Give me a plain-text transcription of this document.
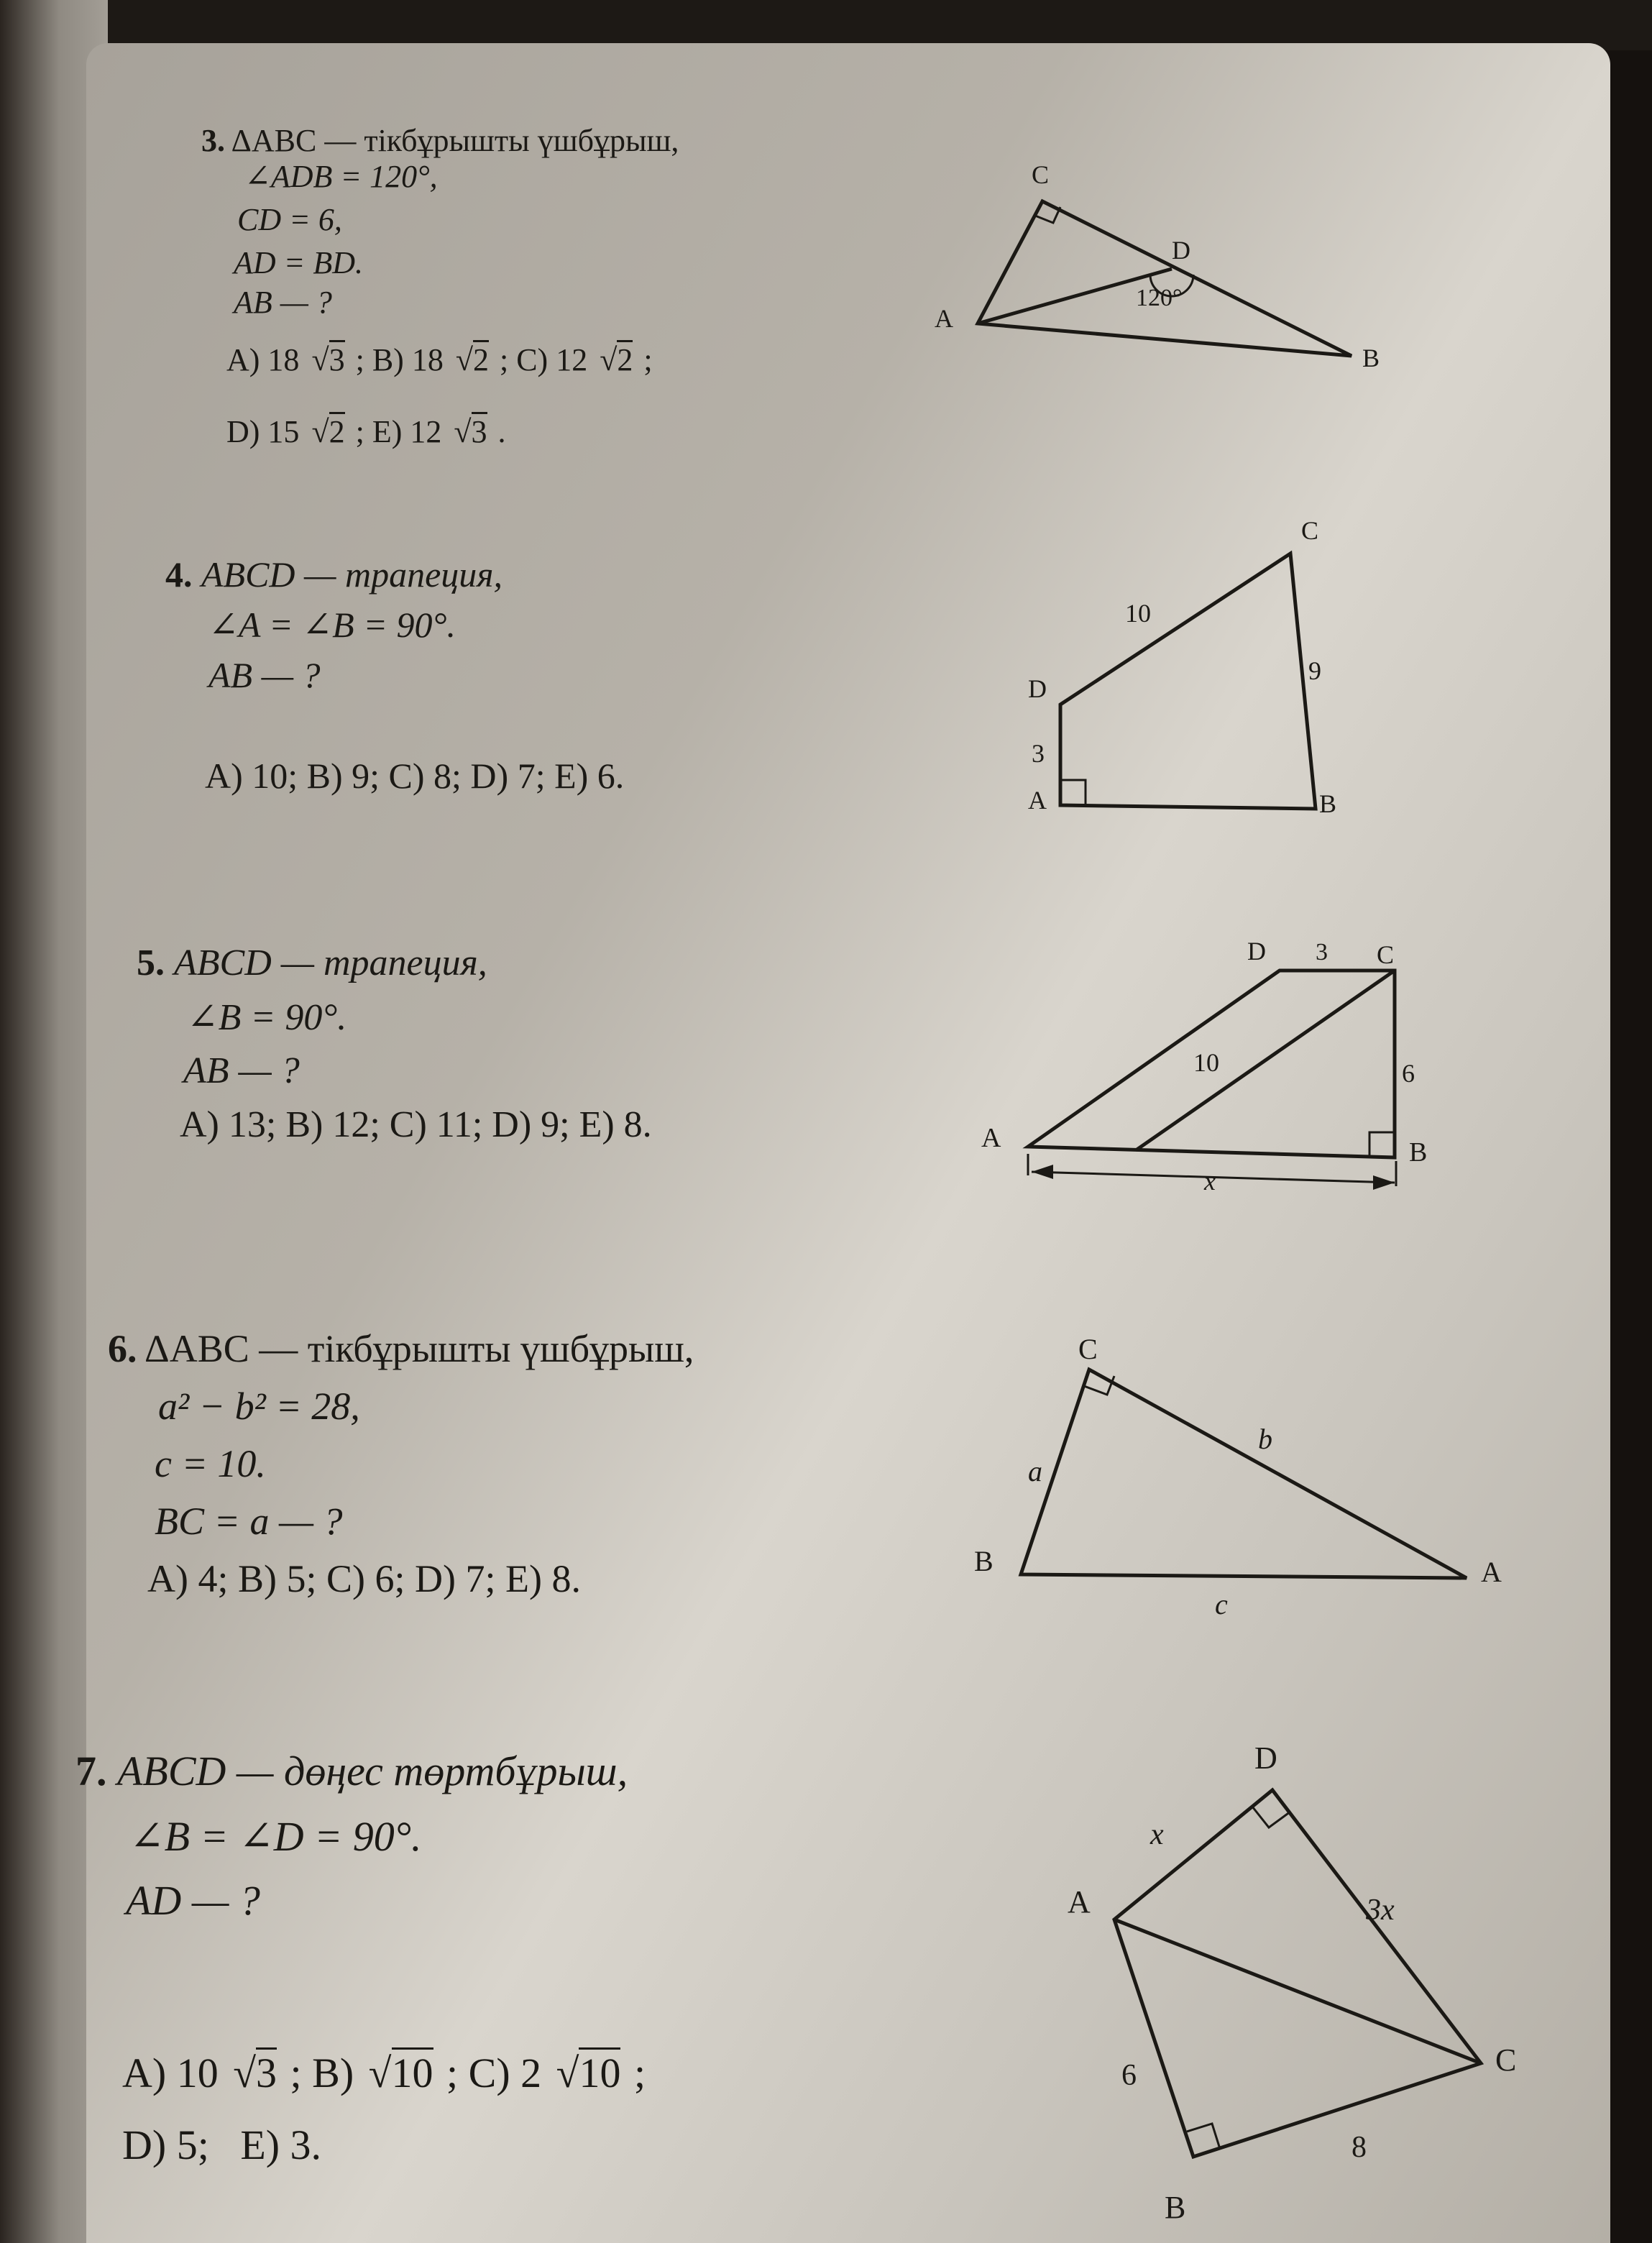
3. ΔABC — тікбұрышты үшбұрыш,
∠ADB = 120°,
CD = 6,
AD = BD.
AB — ?
A) 18 √3 ; B) 18 √2 ; C) 12 √2 ;
D) 15 √2 ; E) 12 √3 .
C
D
A
B
120°
4. ABCD — трапеция,
∠A = ∠B = 90°.
AB — ?
A) 10; B) 9; C) 8; D) 7; E) 6.
C
10
9
D
3
A	B
5. ABCD — трапеция,
∠B = 90°.
AB — ?
A) 13; B) 12; C) 11; D) 9; E) 8.
D 3 C
10	6
A	B
x
6. ΔABC — тікбұрышты үшбұрыш,
a² − b² = 28,
c = 10.
BC = a — ?
A) 4; B) 5; C) 6; D) 7; E) 8.
C
b
a
B	A
c
7. ABCD — дөңес төртбұрыш,
∠B = ∠D = 90°.
AD — ?
A) 10 √3 ; B) √10 ; C) 2 √10 ;
D) 5;   E) 3.
D
x
A	3x
C
6
8
B
